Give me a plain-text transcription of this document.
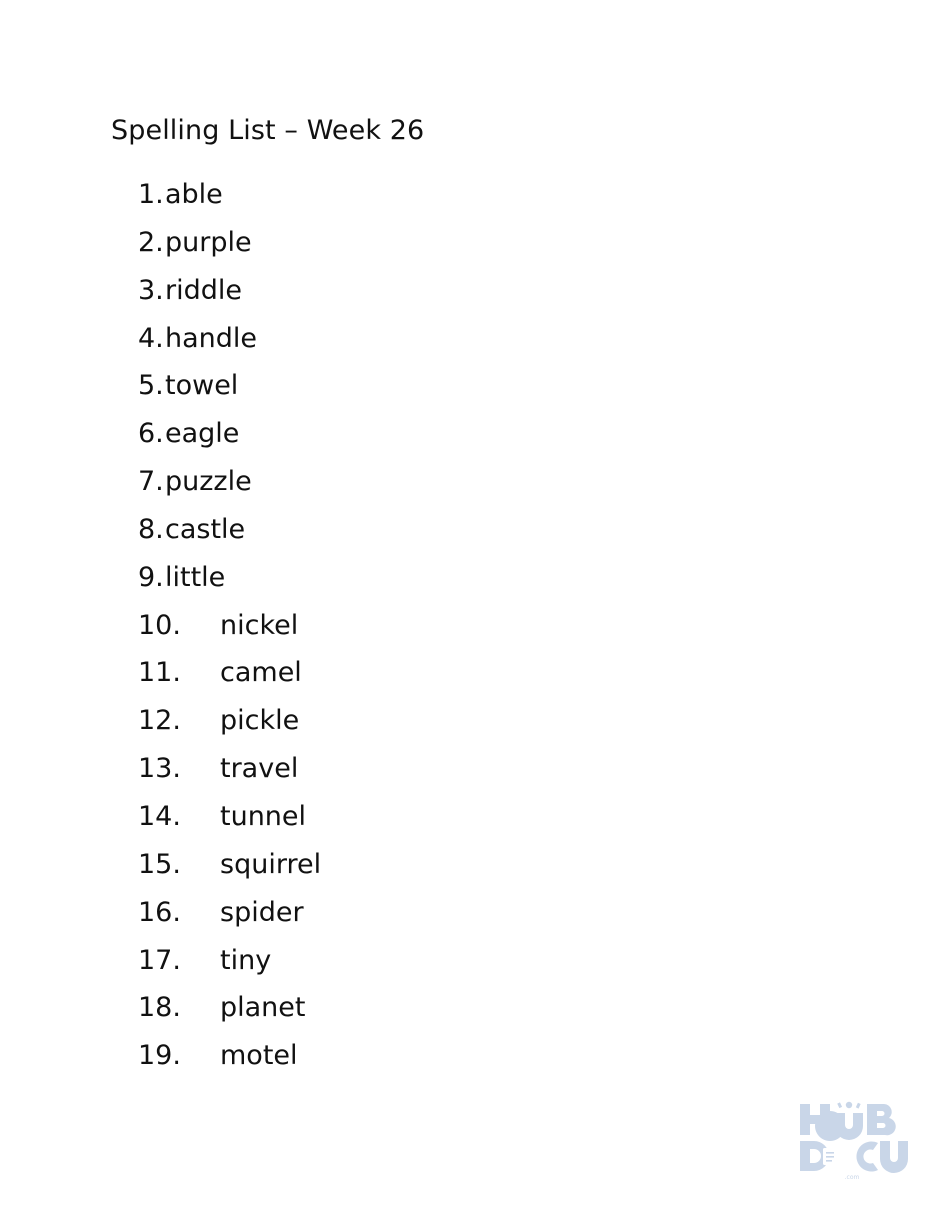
Spelling List – Week 26
1. able
2. purple
3. riddle
4. handle
5. towel
6. eagle
7. puzzle
8. castle
9. little
10. nickel
11. camel
12. pickle
13. travel
14. tunnel
15. squirrel
16. spider
17. tiny
18. planet
19. motel
.com
